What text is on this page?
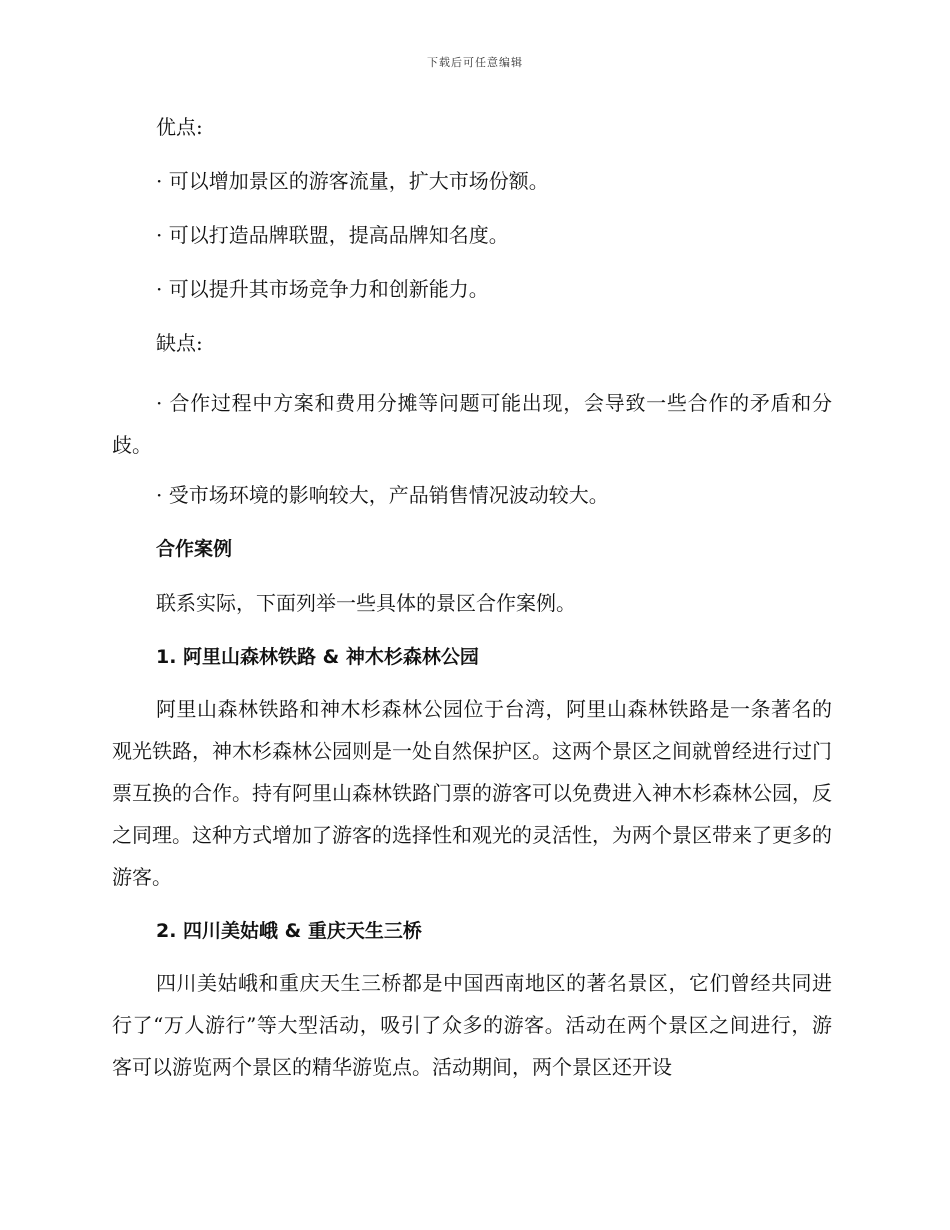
下载后可任意编辑

优点:

· 可以增加景区的游客流量，扩大市场份额。

· 可以打造品牌联盟，提高品牌知名度。

· 可以提升其市场竞争力和创新能力。

缺点:

· 合作过程中方案和费用分摊等问题可能出现，会导致一些合作的矛盾和分歧。

· 受市场环境的影响较大，产品销售情况波动较大。

合作案例

联系实际，下面列举一些具体的景区合作案例。

1. 阿里山森林铁路 & 神木杉森林公园

阿里山森林铁路和神木杉森林公园位于台湾，阿里山森林铁路是一条著名的观光铁路，神木杉森林公园则是一处自然保护区。这两个景区之间就曾经进行过门票互换的合作。持有阿里山森林铁路门票的游客可以免费进入神木杉森林公园，反之同理。这种方式增加了游客的选择性和观光的灵活性，为两个景区带来了更多的游客。

2. 四川美姑峨 & 重庆天生三桥

四川美姑峨和重庆天生三桥都是中国西南地区的著名景区，它们曾经共同进行了“万人游行”等大型活动，吸引了众多的游客。活动在两个景区之间进行，游客可以游览两个景区的精华游览点。活动期间，两个景区还开设
